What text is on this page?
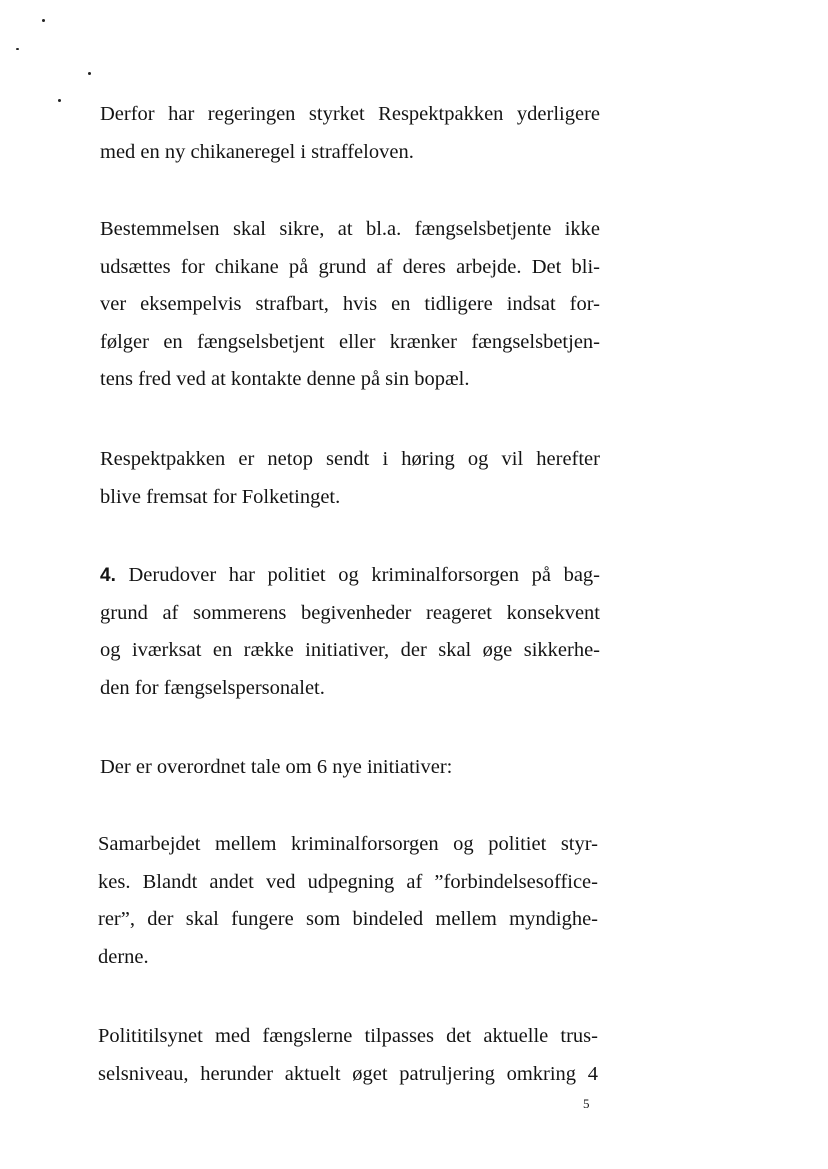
Derfor har regeringen styrket Respektpakken yderligere
med en ny chikaneregel i straffeloven.

Bestemmelsen skal sikre, at bl.a. fængselsbetjente ikke
udsættes for chikane på grund af deres arbejde. Det bli-
ver eksempelvis strafbart, hvis en tidligere indsat for-
følger en fængselsbetjent eller krænker fængselsbetjen-
tens fred ved at kontakte denne på sin bopæl.

Respektpakken er netop sendt i høring og vil herefter
blive fremsat for Folketinget.

4. Derudover har politiet og kriminalforsorgen på bag-
grund af sommerens begivenheder reageret konsekvent
og iværksat en række initiativer, der skal øge sikkerhe-
den for fængselspersonalet.

Der er overordnet tale om 6 nye initiativer:

Samarbejdet mellem kriminalforsorgen og politiet styr-
kes. Blandt andet ved udpegning af ”forbindelsesoffice-
rer”, der skal fungere som bindeled mellem myndighe-
derne.

Polititilsynet med fængslerne tilpasses det aktuelle trus-
selsniveau, herunder aktuelt øget patruljering omkring 4

5
